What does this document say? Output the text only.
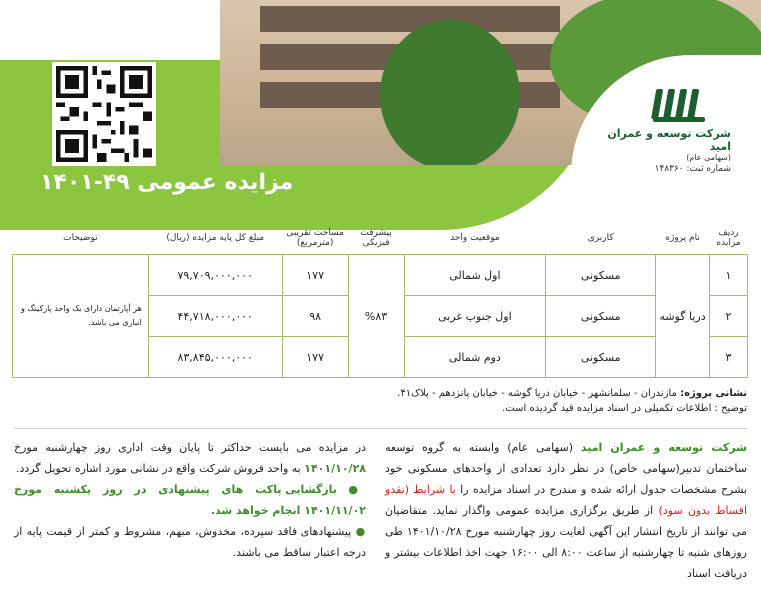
مزایده عمومی ۴۹-۱۴۰۱
شرکت توسعه و عمران امید
(سهامی عام)
شماره ثبت: ۱۴۸۳۶۰
ردیف مزایده	نام پروژه	کاربری	موقعیت واحد	پیشرفت فیزیکی	مساحت تقریبی (مترمربع)	مبلغ کل پایه مزایده (ریال)	توضیحات
۱	دریا گوشه	مسکونی	اول شمالی	%۸۳	۱۷۷	۷۹,۷۰۹,۰۰۰,۰۰۰	هر آپارتمان دارای یک واحد پارکینگ و انباری می باشد.
۲		مسکونی	اول جنوب غربی		۹۸	۴۴,۷۱۸,۰۰۰,۰۰۰	
۳		مسکونی	دوم شمالی		۱۷۷	۸۳,۸۴۵,۰۰۰,۰۰۰	
نشانی پروژه: مازندران - سلمانشهر - خیابان دریا گوشه - خیابان پانزدهم - پلاک۴۱.
توضیح : اطلاعات تکمیلی در اسناد مزایده قید گردیده است.
شرکت توسعه و عمران امید (سهامی عام) وابسته به گروه توسعه ساختمان تدبیر(سهامی خاص) در نظر دارد تعدادی از واحدهای مسکونی خود بشرح مشخصات جدول ارائه شده و مندرج در اسناد مزایده را با شرایط (نقدو اقساط بدون سود) از طریق برگزاری مزایده عمومی واگذار نماید. متقاضیان می توانند از تاریخ انتشار این آگهی لغایت روز چهارشنبه مورخ ۱۴۰۱/۱۰/۲۸ طی روزهای شنبه تا چهارشنبه از ساعت ۸:۰۰ الی ۱۶:۰۰ جهت اخذ اطلاعات بیشتر و دریافت اسناد
در مزایده می بایست حداکثر تا پایان وقت اداری روز چهارشنبه مورخ ۱۴۰۱/۱۰/۲۸ به واحد فروش شرکت واقع در نشانی مورد اشاره تحویل گردد.
● بازگشایی پاکت های پیشنهادی در روز یکشنبه مورخ ۱۴۰۱/۱۱/۰۲ انجام خواهد شد.
● پیشنهادهای فاقد سپرده، مخدوش، مبهم، مشروط و کمتر از قیمت پایه از درجه اعتبار ساقط می باشند.
